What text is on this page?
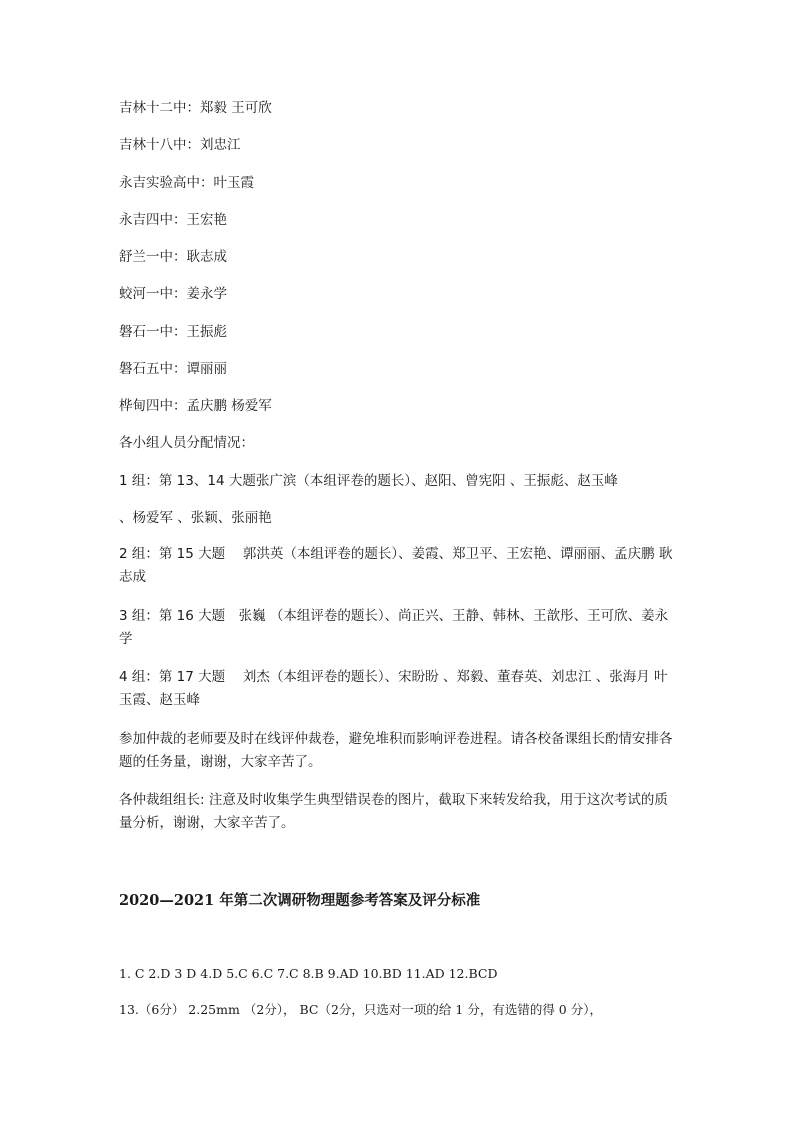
吉林十二中：郑毅 王可欣
吉林十八中：刘忠江
永吉实验高中：叶玉霞
永吉四中：王宏艳
舒兰一中：耿志成
蛟河一中：姜永学
磐石一中：王振彪
磐石五中：谭丽丽
桦甸四中：孟庆鹏 杨爱军
各小组人员分配情况：
1 组：第 13、14 大题张广滨（本组评卷的题长）、赵阳、曾宪阳 、王振彪、赵玉峰
、杨爱军 、张颖、张丽艳
2 组：第 15 大题　 郭洪英（本组评卷的题长）、姜霞、郑卫平、王宏艳、谭丽丽、孟庆鹏 耿志成
3 组：第 16 大题　张巍 （本组评卷的题长）、尚正兴、王静、韩林、王歆彤、王可欣、姜永学
4 组：第 17 大题　 刘杰（本组评卷的题长）、宋盼盼 、郑毅、董春英、刘忠江 、张海月 叶玉霞、赵玉峰
参加仲裁的老师要及时在线评仲裁卷，避免堆积而影响评卷进程。请各校备课组长酌情安排各题的任务量，谢谢，大家辛苦了。
各仲裁组组长: 注意及时收集学生典型错误卷的图片，截取下来转发给我，用于这次考试的质量分析，谢谢，大家辛苦了。
2020—2021 年第二次调研物理题参考答案及评分标准
1. C 2.D 3 D 4.D 5.C 6.C 7.C 8.B 9.AD 10.BD 11.AD 12.BCD
13.（6分） 2.25mm （2分）， BC（2分，只选对一项的给 1 分，有选错的得 0 分），
